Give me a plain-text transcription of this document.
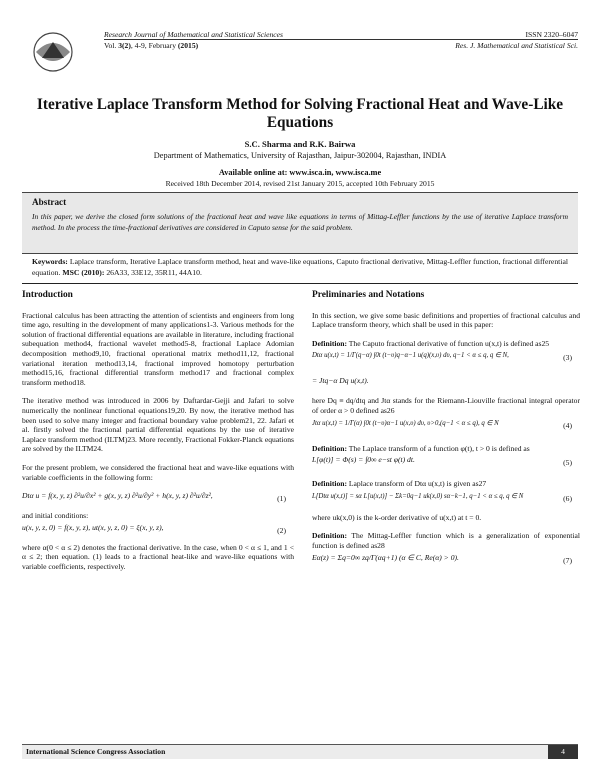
Research Journal of Mathematical and Statistical Sciences	ISSN 2320–6047
Vol. 3(2), 4-9, February (2015)	Res. J. Mathematical and Statistical Sci.
Iterative Laplace Transform Method for Solving Fractional Heat and Wave-Like Equations
S.C. Sharma and R.K. Bairwa
Department of Mathematics, University of Rajasthan, Jaipur-302004, Rajasthan, INDIA
Available online at: www.isca.in, www.isca.me
Received 18th December 2014, revised 21st January 2015, accepted 10th February 2015
Abstract
In this paper, we derive the closed form solutions of the fractional heat and wave like equations in terms of Mittag-Leffler functions by the use of iterative Laplace transform method. In the process the time-fractional derivatives are considered in Caputo sense for the said problem.
Keywords: Laplace transform, Iterative Laplace transform method, heat and wave-like equations, Caputo fractional derivative, Mittag-Leffler function, fractional differential equation. MSC (2010): 26A33, 33E12, 35R11, 44A10.
Introduction

Fractional calculus has been attracting the attention of scientists and engineers from long time ago, resulting in the development of many applications1-3. Various methods for the solution of fractional differential equations are available in literature, including fractional subequation method4, fractional wavelet method5-8, fractional Laplace Adomian decomposition method9,10, fractional operational matrix method11,12, fractional variational iteration method13,14, fractional improved homotopy perturbation method15,16, fractional differential transform method17 and fractional complex transform method18.

The iterative method was introduced in 2006 by Daftardar-Gejji and Jafari to solve numerically the nonlinear functional equations19,20. By now, the iterative method has been used to solve many integer and fractional boundary value problem21, 22. Jafari et al. firstly solved the fractional partial differential equations by the use of iterative Laplace transform method (ILTM)23. More recently, Fractional Fokker-Planck equations are solved by the ILTM24.

For the present problem, we considered the fractional heat and wave-like equations with variable coefficients in the following form:

Dtα u = f(x, y, z) ∂²u/∂x² + g(x, y, z) ∂²u/∂y² + h(x, y, z) ∂²u/∂z²,	(1)

and initial conditions:

u(x, y, z, 0) = f(x, y, z), ut(x, y, z, 0) = ξ(x, y, z),	(2)

where α(0 < α ≤ 2) denotes the fractional derivative. In the case, when 0 < α ≤ 1, and 1 < α ≤ 2; then equation. (1) leads to a fractional heat-like and wave-like equations with variable coefficients, respectively.

Preliminaries and Notations

In this section, we give some basic definitions and properties of fractional calculus and Laplace transform theory, which shall be used in this paper:

Definition: The Caputo fractional derivative of function u(x,t) is defined as25

Dtα u(x,t) = 1/Γ(q−α) ∫0t (t−υ)q−α−1 u(q)(x,υ) dυ, q−1 < α ≤ q, q ∈ N,	(3)
= Jtq−α Dq u(x,t).

here Dq ≡ dq/dtq and Jtα stands for the Riemann-Liouville fractional integral operator of order α > 0 defined as26

Jtα u(x,t) = 1/Γ(α) ∫0t (t−υ)α−1 u(x,υ) dυ, υ>0,(q−1 < α ≤ q), q ∈ N	(4)

Definition: The Laplace transform of a function φ(t), t > 0 is defined as

L[φ(t)] = Φ(s) = ∫0∞ e−st φ(t) dt.	(5)

Definition: Laplace transform of Dtα u(x,t) is given as27

L[Dtα u(x,t)] = sα L[u(x,t)] − Σk=0q−1 uk(x,0) sα−k−1, q−1 < α ≤ q, q ∈ N	(6)

where uk(x,0) is the k-order derivative of u(x,t) at t = 0.

Definition: The Mittag-Leffler function which is a generalization of exponential function is defined as28

Eα(z) = Σq=0∞ zq/Γ(αq+1) (α ∈ C, Re(α) > 0).	(7)
International Science Congress Association	4
